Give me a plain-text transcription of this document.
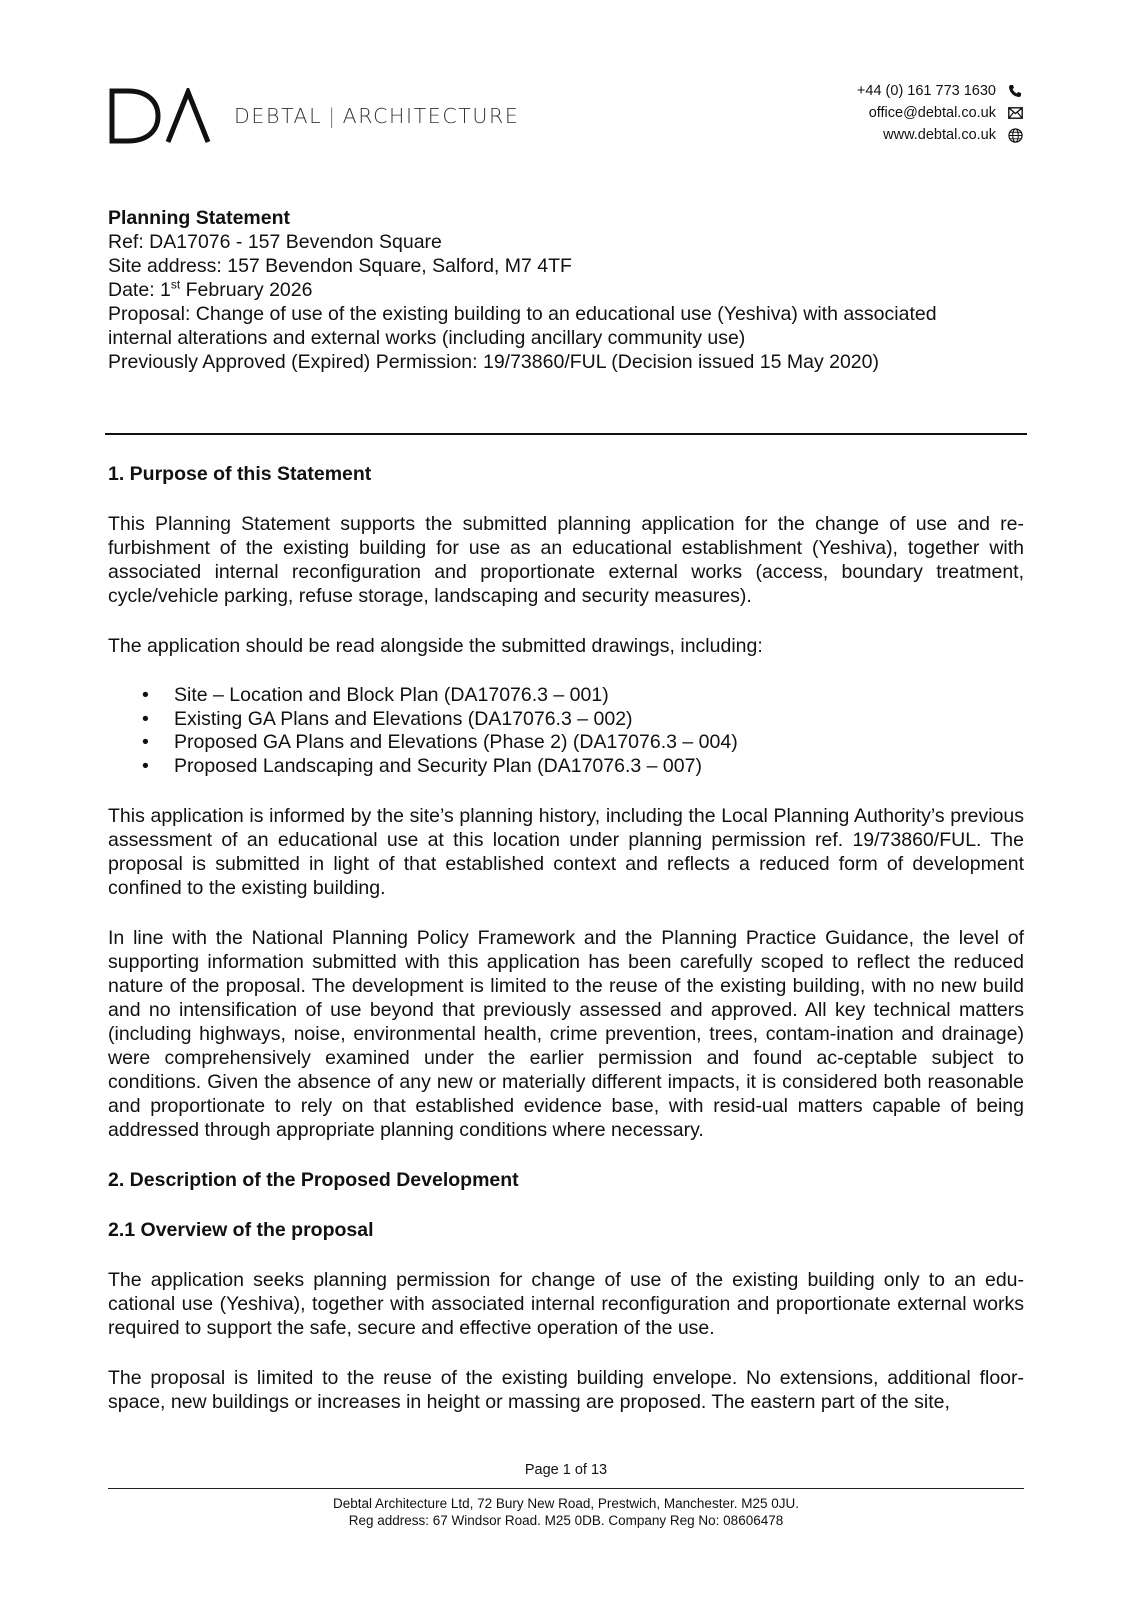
DEBTAL | ARCHITECTURE
+44 (0) 161 773 1630
office@debtal.co.uk
www.debtal.co.uk
Planning Statement
Ref: DA17076 - 157 Bevendon Square
Site address: 157 Bevendon Square, Salford, M7 4TF
Date: 1st February 2026
Proposal: Change of use of the existing building to an educational use (Yeshiva) with associated
internal alterations and external works (including ancillary community use)
Previously Approved (Expired) Permission: 19/73860/FUL (Decision issued 15 May 2020)
1. Purpose of this Statement

This Planning Statement supports the submitted planning application for the change of use and re-furbishment of the existing building for use as an educational establishment (Yeshiva), together with associated internal reconfiguration and proportionate external works (access, boundary treatment, cycle/vehicle parking, refuse storage, landscaping and security measures).

The application should be read alongside the submitted drawings, including:

• Site – Location and Block Plan (DA17076.3 – 001)
• Existing GA Plans and Elevations (DA17076.3 – 002)
• Proposed GA Plans and Elevations (Phase 2) (DA17076.3 – 004)
• Proposed Landscaping and Security Plan (DA17076.3 – 007)

This application is informed by the site’s planning history, including the Local Planning Authority’s previous assessment of an educational use at this location under planning permission ref. 19/73860/FUL. The proposal is submitted in light of that established context and reflects a reduced form of development confined to the existing building.

In line with the National Planning Policy Framework and the Planning Practice Guidance, the level of supporting information submitted with this application has been carefully scoped to reflect the reduced nature of the proposal. The development is limited to the reuse of the existing building, with no new build and no intensification of use beyond that previously assessed and approved. All key technical matters (including highways, noise, environmental health, crime prevention, trees, contam-ination and drainage) were comprehensively examined under the earlier permission and found ac-ceptable subject to conditions. Given the absence of any new or materially different impacts, it is considered both reasonable and proportionate to rely on that established evidence base, with resid-ual matters capable of being addressed through appropriate planning conditions where necessary.

2. Description of the Proposed Development
2.1 Overview of the proposal

The application seeks planning permission for change of use of the existing building only to an edu-cational use (Yeshiva), together with associated internal reconfiguration and proportionate external works required to support the safe, secure and effective operation of the use.

The proposal is limited to the reuse of the existing building envelope. No extensions, additional floor-space, new buildings or increases in height or massing are proposed. The eastern part of the site,

Page 1 of 13
Debtal Architecture Ltd, 72 Bury New Road, Prestwich, Manchester. M25 0JU.
Reg address: 67 Windsor Road. M25 0DB. Company Reg No: 08606478
